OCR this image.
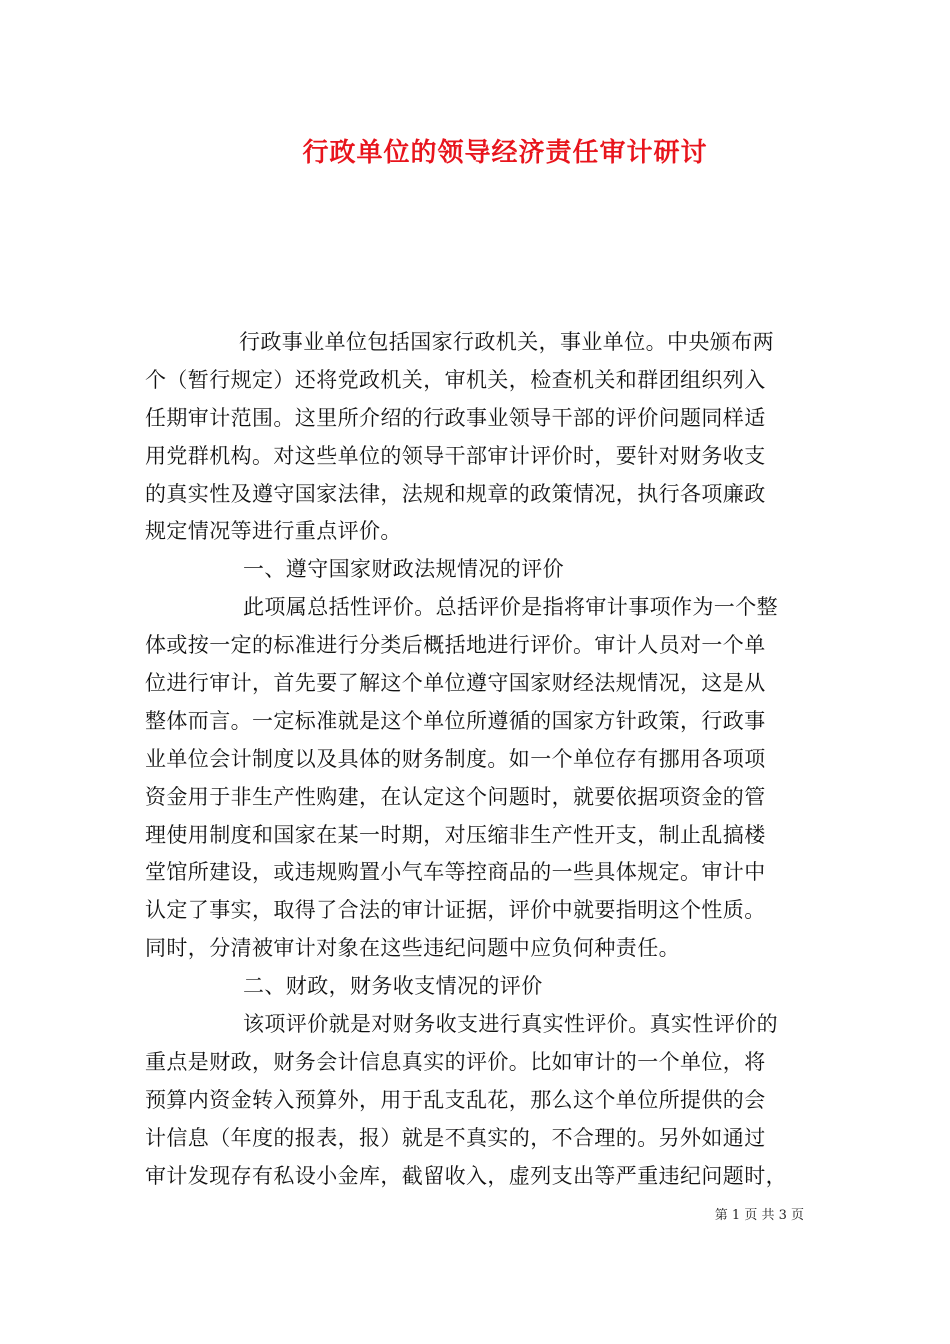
行政单位的领导经济责任审计研讨
行政事业单位包括国家行政机关，事业单位。中央颁布两
个（暂行规定）还将党政机关，审机关，检查机关和群团组织列入
任期审计范围。这里所介绍的行政事业领导干部的评价问题同样适
用党群机构。对这些单位的领导干部审计评价时，要针对财务收支
的真实性及遵守国家法律，法规和规章的政策情况，执行各项廉政
规定情况等进行重点评价。
一、遵守国家财政法规情况的评价
此项属总括性评价。总括评价是指将审计事项作为一个整
体或按一定的标准进行分类后概括地进行评价。审计人员对一个单
位进行审计，首先要了解这个单位遵守国家财经法规情况，这是从
整体而言。一定标准就是这个单位所遵循的国家方针政策，行政事
业单位会计制度以及具体的财务制度。如一个单位存有挪用各项项
资金用于非生产性购建，在认定这个问题时，就要依据项资金的管
理使用制度和国家在某一时期，对压缩非生产性开支，制止乱搞楼
堂馆所建设，或违规购置小气车等控商品的一些具体规定。审计中
认定了事实，取得了合法的审计证据，评价中就要指明这个性质。
同时，分清被审计对象在这些违纪问题中应负何种责任。
二、财政，财务收支情况的评价
该项评价就是对财务收支进行真实性评价。真实性评价的
重点是财政，财务会计信息真实的评价。比如审计的一个单位，将
预算内资金转入预算外，用于乱支乱花，那么这个单位所提供的会
计信息（年度的报表，报）就是不真实的，不合理的。另外如通过
审计发现存有私设小金库，截留收入，虚列支出等严重违纪问题时，
第 1 页 共 3 页
